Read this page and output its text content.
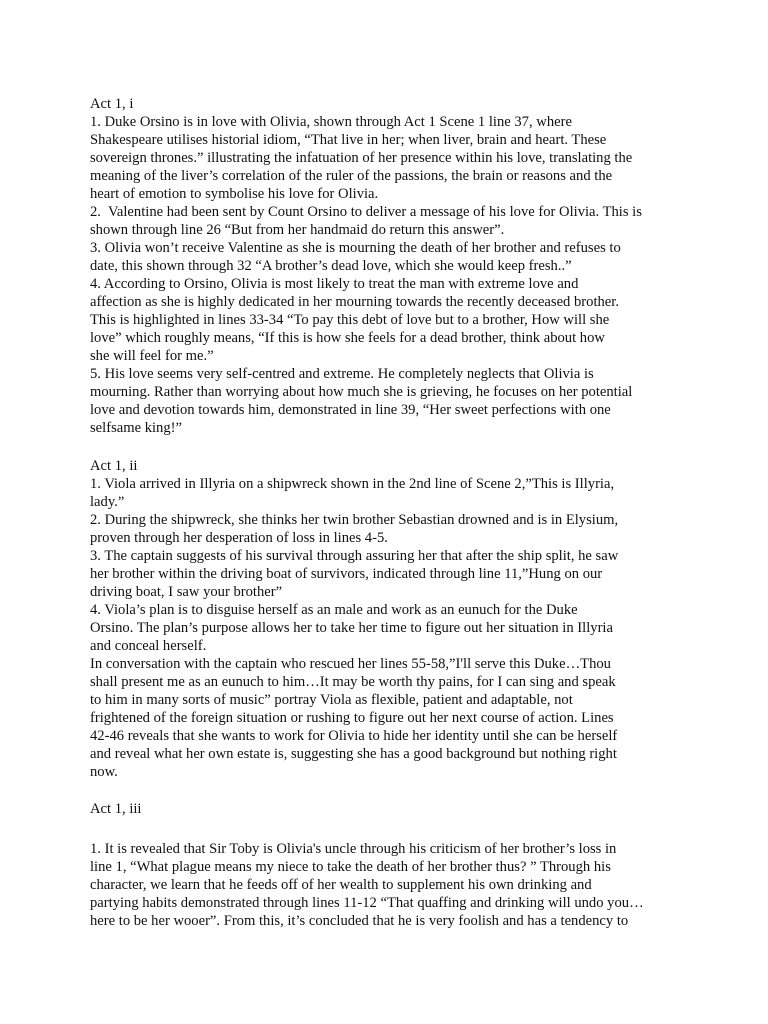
Act 1, i

1. Duke Orsino is in love with Olivia, shown through Act 1 Scene 1 line 37, where

Shakespeare utilises historial idiom, “That live in her; when liver, brain and heart. These

sovereign thrones.” illustrating the infatuation of her presence within his love, translating the

meaning of the liver’s correlation of the ruler of the passions, the brain or reasons and the

heart of emotion to symbolise his love for Olivia.

2.  Valentine had been sent by Count Orsino to deliver a message of his love for Olivia. This is

shown through line 26 “But from her handmaid do return this answer”.

3. Olivia won’t receive Valentine as she is mourning the death of her brother and refuses to

date, this shown through 32 “A brother’s dead love, which she would keep fresh..”

4. According to Orsino, Olivia is most likely to treat the man with extreme love and

affection as she is highly dedicated in her mourning towards the recently deceased brother.

This is highlighted in lines 33-34 “To pay this debt of love but to a brother, How will she

love” which roughly means, “If this is how she feels for a dead brother, think about how

she will feel for me.”

5. His love seems very self-centred and extreme. He completely neglects that Olivia is

mourning. Rather than worrying about how much she is grieving, he focuses on her potential

love and devotion towards him, demonstrated in line 39, “Her sweet perfections with one

selfsame king!”

Act 1, ii

1. Viola arrived in Illyria on a shipwreck shown in the 2nd line of Scene 2,”This is Illyria,

lady.”

2. During the shipwreck, she thinks her twin brother Sebastian drowned and is in Elysium,

proven through her desperation of loss in lines 4-5.

3. The captain suggests of his survival through assuring her that after the ship split, he saw

her brother within the driving boat of survivors, indicated through line 11,”Hung on our

driving boat, I saw your brother”

4. Viola’s plan is to disguise herself as an male and work as an eunuch for the Duke

Orsino. The plan’s purpose allows her to take her time to figure out her situation in Illyria

and conceal herself.

In conversation with the captain who rescued her lines 55-58,”I'll serve this Duke…Thou

shall present me as an eunuch to him…It may be worth thy pains, for I can sing and speak

to him in many sorts of music” portray Viola as flexible, patient and adaptable, not

frightened of the foreign situation or rushing to figure out her next course of action. Lines

42-46 reveals that she wants to work for Olivia to hide her identity until she can be herself

and reveal what her own estate is, suggesting she has a good background but nothing right

now.

Act 1, iii

1. It is revealed that Sir Toby is Olivia's uncle through his criticism of her brother’s loss in

line 1, “What plague means my niece to take the death of her brother thus? ” Through his

character, we learn that he feeds off of her wealth to supplement his own drinking and

partying habits demonstrated through lines 11-12 “That quaffing and drinking will undo you…

here to be her wooer”. From this, it’s concluded that he is very foolish and has a tendency to
